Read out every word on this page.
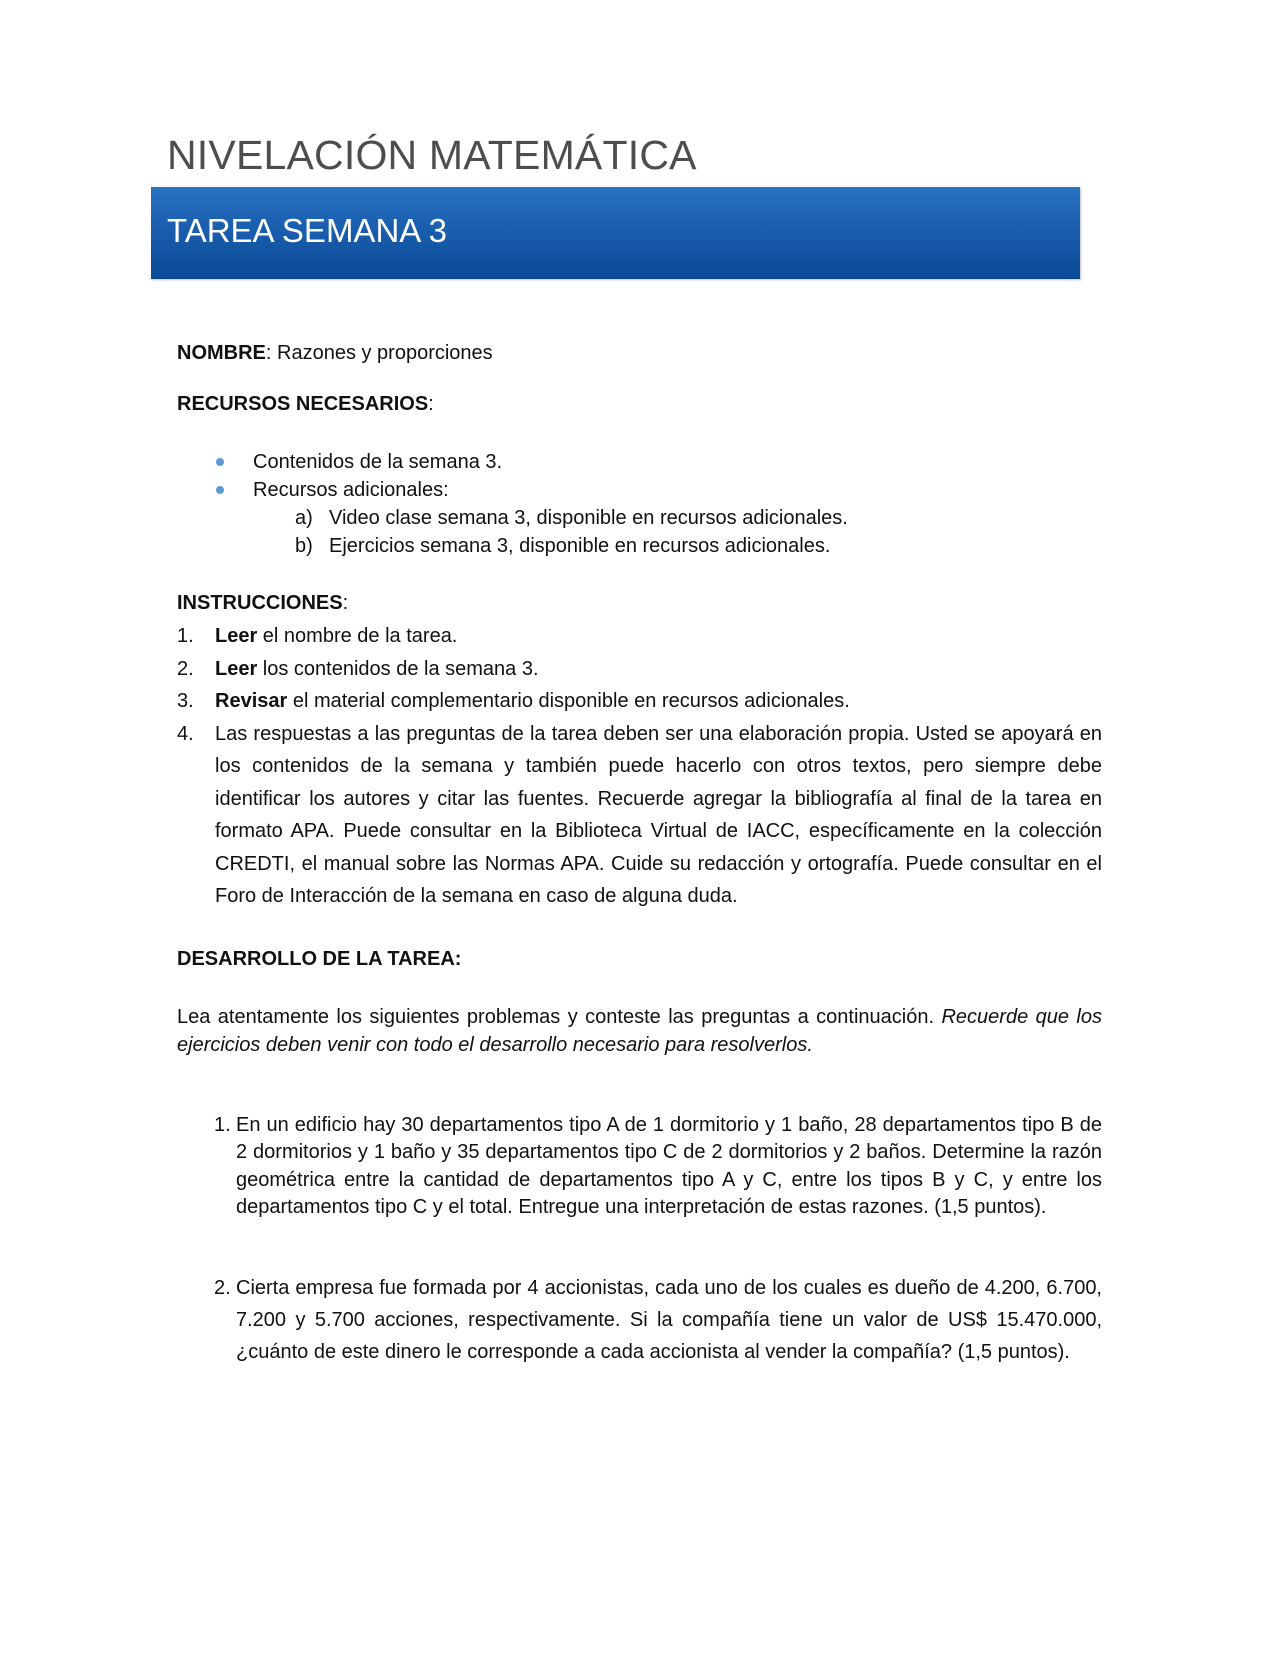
NIVELACIÓN MATEMÁTICA
TAREA SEMANA 3

NOMBRE: Razones y proporciones

RECURSOS NECESARIOS:

Contenidos de la semana 3.
Recursos adicionales:
a) Video clase semana 3, disponible en recursos adicionales.
b) Ejercicios semana 3, disponible en recursos adicionales.

INSTRUCCIONES:

1. Leer el nombre de la tarea.
2. Leer los contenidos de la semana 3.
3. Revisar el material complementario disponible en recursos adicionales.
4. Las respuestas a las preguntas de la tarea deben ser una elaboración propia. Usted se apoyará en los contenidos de la semana y también puede hacerlo con otros textos, pero siempre debe identificar los autores y citar las fuentes. Recuerde agregar la bibliografía al final de la tarea en formato APA. Puede consultar en la Biblioteca Virtual de IACC, específicamente en la colección CREDTI, el manual sobre las Normas APA. Cuide su redacción y ortografía. Puede consultar en el Foro de Interacción de la semana en caso de alguna duda.

DESARROLLO DE LA TAREA:

Lea atentamente los siguientes problemas y conteste las preguntas a continuación. Recuerde que los ejercicios deben venir con todo el desarrollo necesario para resolverlos.

1. En un edificio hay 30 departamentos tipo A de 1 dormitorio y 1 baño, 28 departamentos tipo B de 2 dormitorios y 1 baño y 35 departamentos tipo C de 2 dormitorios y 2 baños. Determine la razón geométrica entre la cantidad de departamentos tipo A y C, entre los tipos B y C, y entre los departamentos tipo C y el total. Entregue una interpretación de estas razones. (1,5 puntos).
2. Cierta empresa fue formada por 4 accionistas, cada uno de los cuales es dueño de 4.200, 6.700, 7.200 y 5.700 acciones, respectivamente. Si la compañía tiene un valor de US$ 15.470.000, ¿cuánto de este dinero le corresponde a cada accionista al vender la compañía? (1,5 puntos).
